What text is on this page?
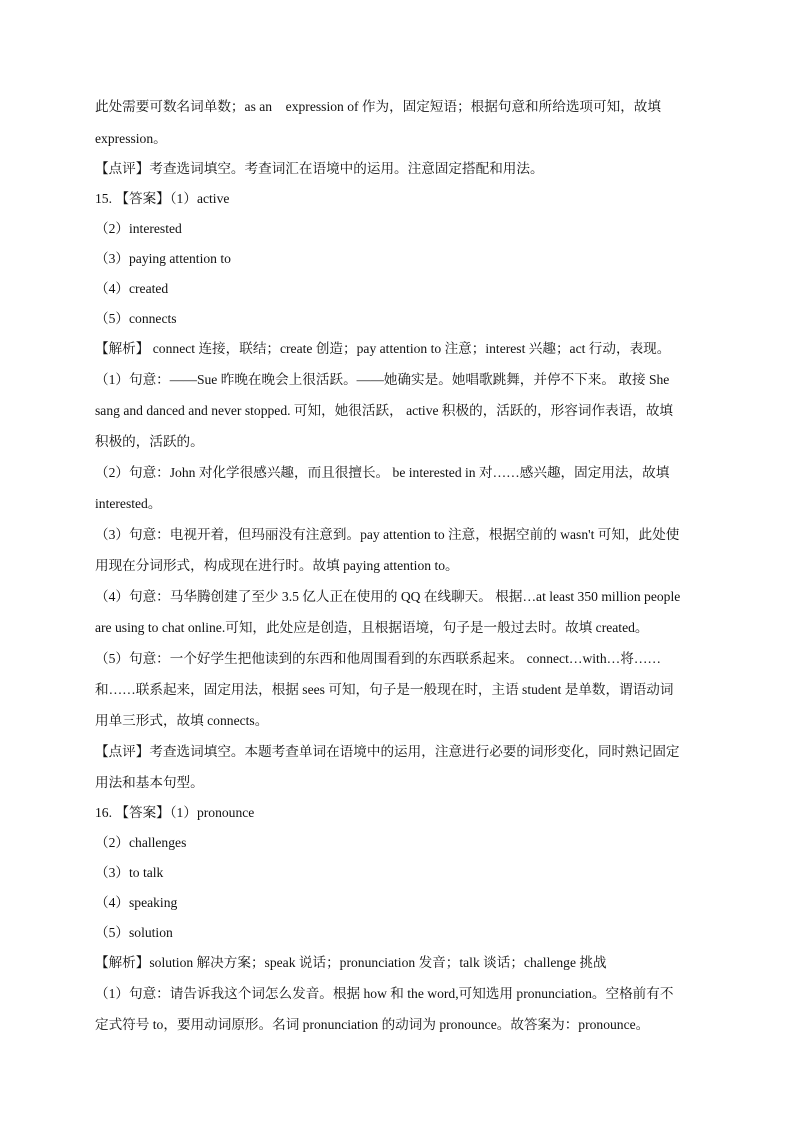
此处需要可数名词单数；as an　expression of 作为，固定短语；根据句意和所给选项可知，故填
expression。
【点评】考查选词填空。考查词汇在语境中的运用。注意固定搭配和用法。
15. 【答案】（1）active
（2）interested
（3）paying attention to
（4）created
（5）connects
【解析】 connect 连接，联结；create 创造；pay attention to 注意；interest 兴趣；act 行动，表现。
（1）句意：——Sue 昨晚在晚会上很活跃。——她确实是。她唱歌跳舞，并停不下来。 敢接 She
sang and danced and never stopped. 可知，她很活跃， active 积极的，活跃的，形容词作表语，故填
积极的，活跃的。
（2）句意：John 对化学很感兴趣，而且很擅长。 be interested in 对……感兴趣，固定用法，故填
interested。
（3）句意：电视开着，但玛丽没有注意到。pay attention to 注意，根据空前的 wasn't 可知，此处使
用现在分词形式，构成现在进行时。故填 paying attention to。
（4）句意：马华腾创建了至少 3.5 亿人正在使用的 QQ 在线聊天。 根据…at least 350 million people
are using to chat online.可知，此处应是创造，且根据语境，句子是一般过去时。故填 created。
（5）句意：一个好学生把他读到的东西和他周围看到的东西联系起来。 connect…with…将……
和……联系起来，固定用法，根据 sees 可知，句子是一般现在时，主语 student 是单数，谓语动词
用单三形式，故填 connects。
【点评】考查选词填空。本题考查单词在语境中的运用，注意进行必要的词形变化，同时熟记固定
用法和基本句型。
16. 【答案】（1）pronounce
（2）challenges
（3）to talk
（4）speaking
（5）solution
【解析】solution 解决方案；speak 说话；pronunciation 发音；talk 谈话；challenge 挑战
（1）句意：请告诉我这个词怎么发音。根据 how 和 the word,可知选用 pronunciation。空格前有不
定式符号 to，要用动词原形。名词 pronunciation 的动词为 pronounce。故答案为：pronounce。
